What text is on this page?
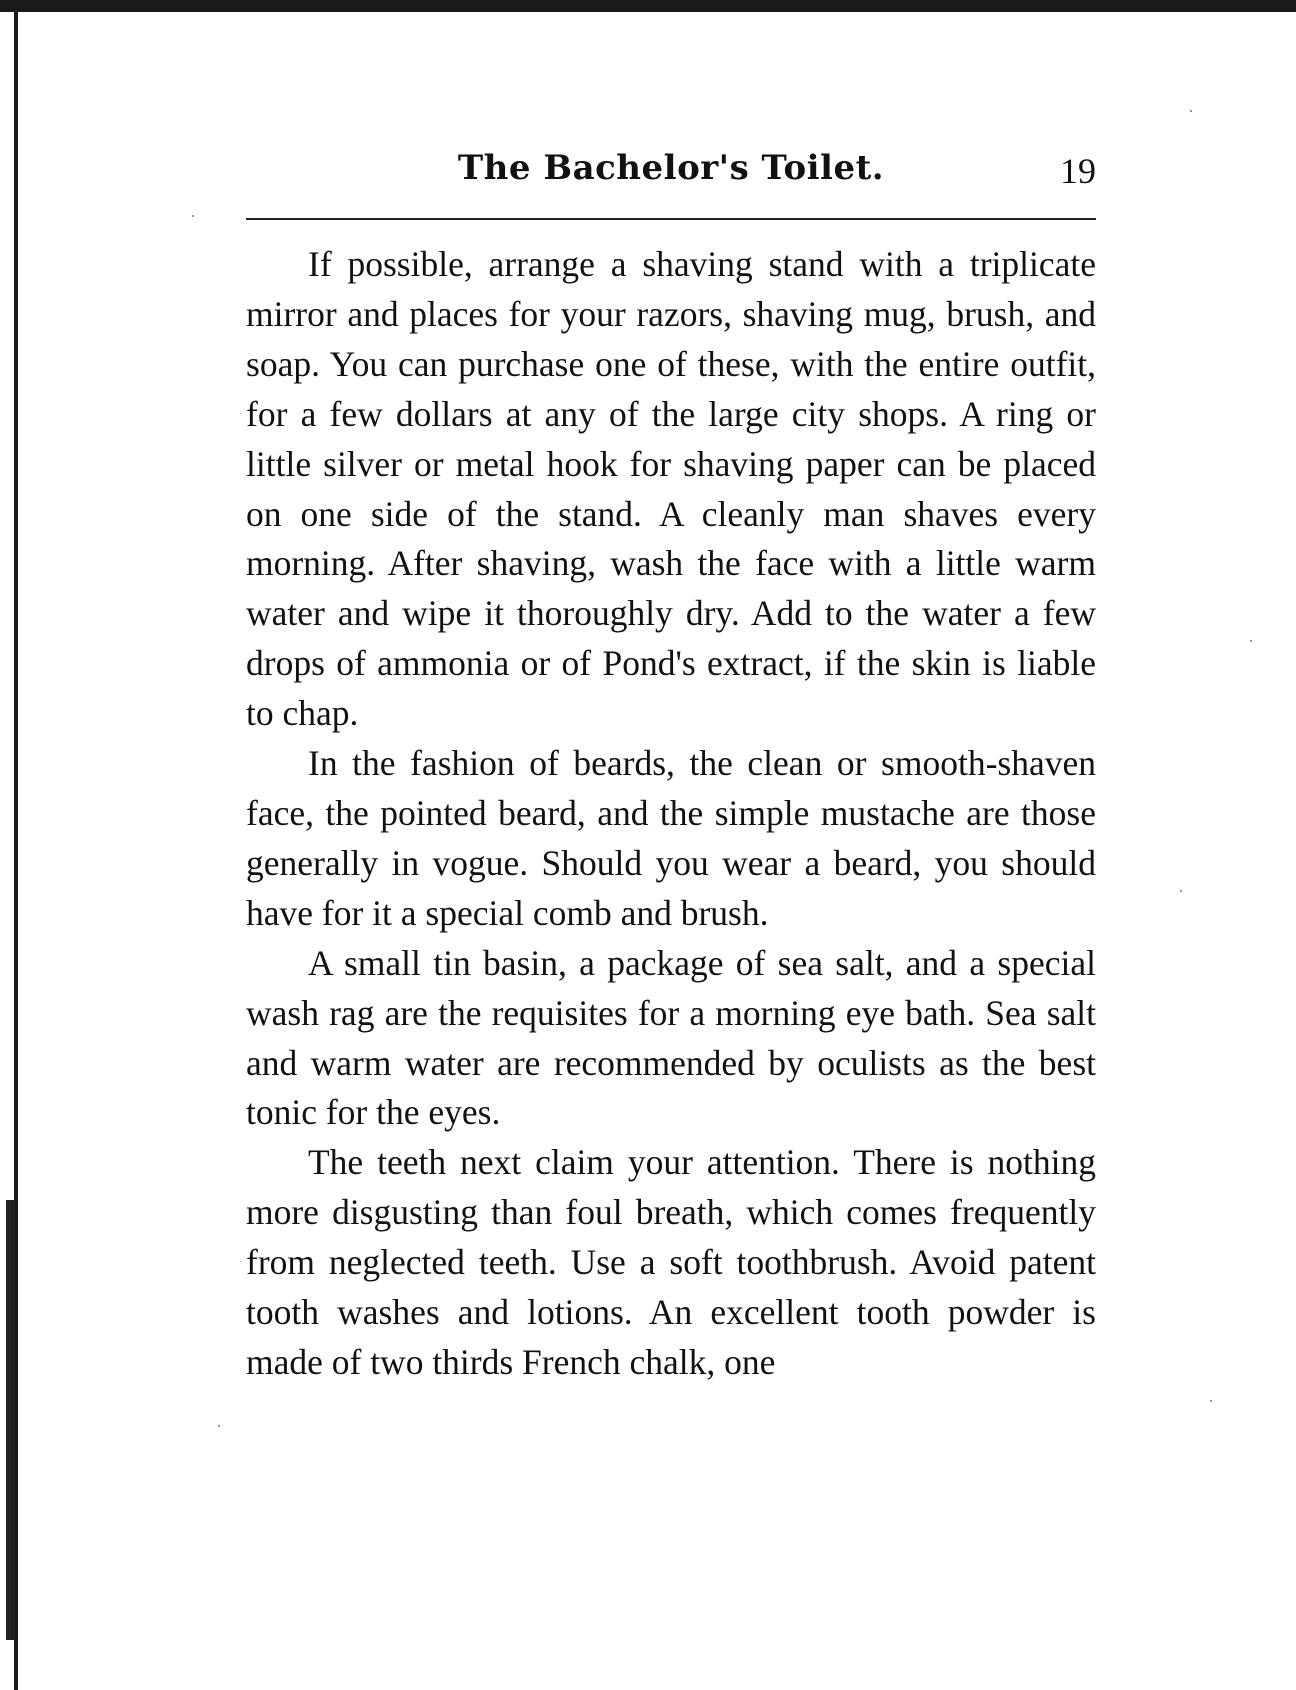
The Bachelor's Toilet.	19

If possible, arrange a shaving stand with a triplicate mirror and places for your razors, shaving mug, brush, and soap. You can purchase one of these, with the entire outfit, for a few dollars at any of the large city shops. A ring or little silver or metal hook for shaving paper can be placed on one side of the stand. A cleanly man shaves every morning. After shaving, wash the face with a little warm water and wipe it thoroughly dry. Add to the water a few drops of ammonia or of Pond's extract, if the skin is liable to chap.

In the fashion of beards, the clean or smooth-shaven face, the pointed beard, and the simple mustache are those generally in vogue. Should you wear a beard, you should have for it a special comb and brush.

A small tin basin, a package of sea salt, and a special wash rag are the requisites for a morning eye bath. Sea salt and warm water are recommended by oculists as the best tonic for the eyes.

The teeth next claim your attention. There is nothing more disgusting than foul breath, which comes frequently from neglected teeth. Use a soft toothbrush. Avoid patent tooth washes and lotions. An excellent tooth powder is made of two thirds French chalk, one
